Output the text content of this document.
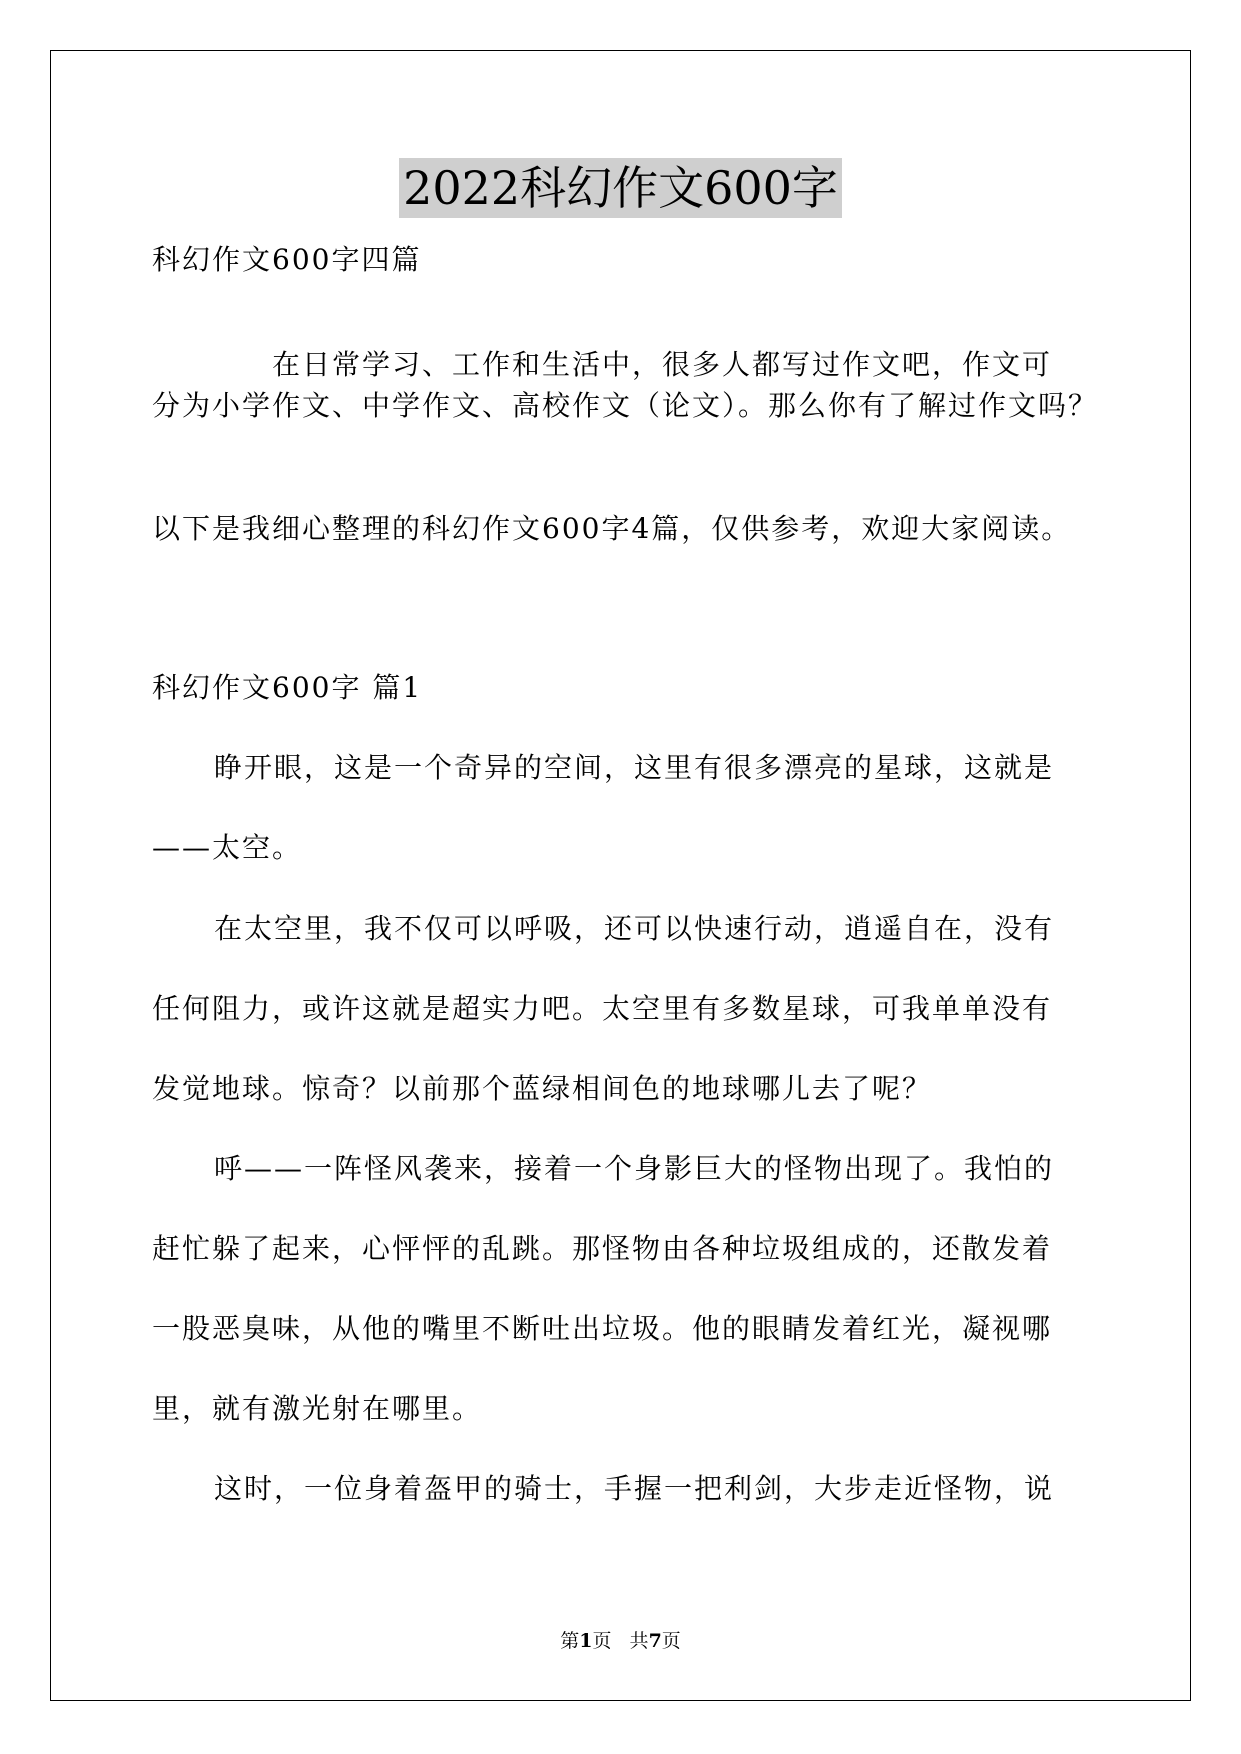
2022科幻作文600字
科幻作文600字四篇
在日常学习、工作和生活中，很多人都写过作文吧，作文可
分为小学作文、中学作文、高校作文（论文）。那么你有了解过作文吗？
以下是我细心整理的科幻作文600字4篇，仅供参考，欢迎大家阅读。
科幻作文600字 篇1
睁开眼，这是一个奇异的空间，这里有很多漂亮的星球，这就是
——太空。
在太空里，我不仅可以呼吸，还可以快速行动，逍遥自在，没有
任何阻力，或许这就是超实力吧。太空里有多数星球，可我单单没有
发觉地球。惊奇？以前那个蓝绿相间色的地球哪儿去了呢？
呼——一阵怪风袭来，接着一个身影巨大的怪物出现了。我怕的
赶忙躲了起来，心怦怦的乱跳。那怪物由各种垃圾组成的，还散发着
一股恶臭味，从他的嘴里不断吐出垃圾。他的眼睛发着红光，凝视哪
里，就有激光射在哪里。
这时，一位身着盔甲的骑士，手握一把利剑，大步走近怪物，说
第1页   共7页
